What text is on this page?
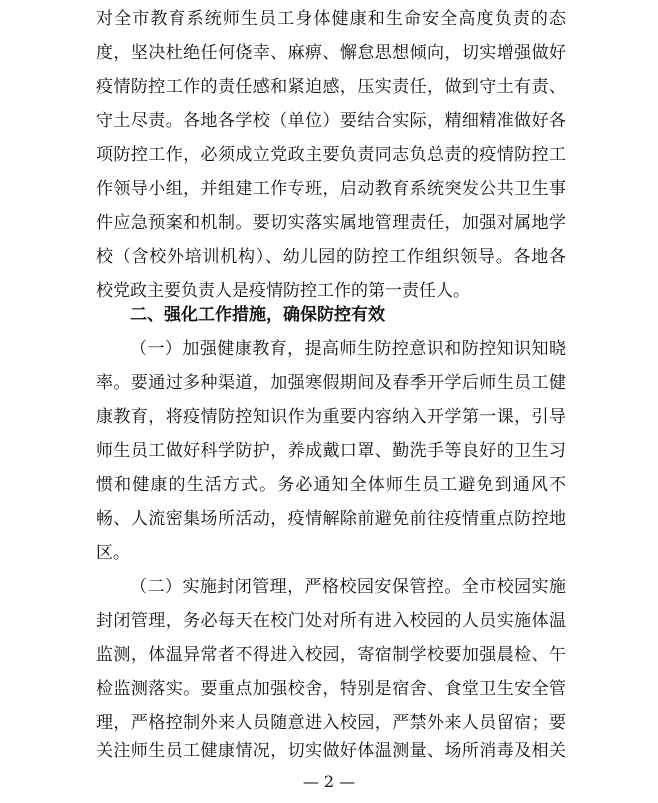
对全市教育系统师生员工身体健康和生命安全高度负责的态
度，坚决杜绝任何侥幸、麻痹、懈怠思想倾向，切实增强做好
疫情防控工作的责任感和紧迫感，压实责任，做到守土有责、
守土尽责。各地各学校（单位）要结合实际，精细精准做好各
项防控工作，必须成立党政主要负责同志负总责的疫情防控工
作领导小组，并组建工作专班，启动教育系统突发公共卫生事
件应急预案和机制。要切实落实属地管理责任，加强对属地学
校（含校外培训机构）、幼儿园的防控工作组织领导。各地各
校党政主要负责人是疫情防控工作的第一责任人。
二、强化工作措施，确保防控有效
（一）加强健康教育，提高师生防控意识和防控知识知晓
率。要通过多种渠道，加强寒假期间及春季开学后师生员工健
康教育，将疫情防控知识作为重要内容纳入开学第一课，引导
师生员工做好科学防护，养成戴口罩、勤洗手等良好的卫生习
惯和健康的生活方式。务必通知全体师生员工避免到通风不
畅、人流密集场所活动，疫情解除前避免前往疫情重点防控地
区。
（二）实施封闭管理，严格校园安保管控。全市校园实施
封闭管理，务必每天在校门处对所有进入校园的人员实施体温
监测，体温异常者不得进入校园，寄宿制学校要加强晨检、午
检监测落实。要重点加强校舍，特别是宿舍、食堂卫生安全管
理，严格控制外来人员随意进入校园，严禁外来人员留宿；要
关注师生员工健康情况，切实做好体温测量、场所消毒及相关
— 2 —
